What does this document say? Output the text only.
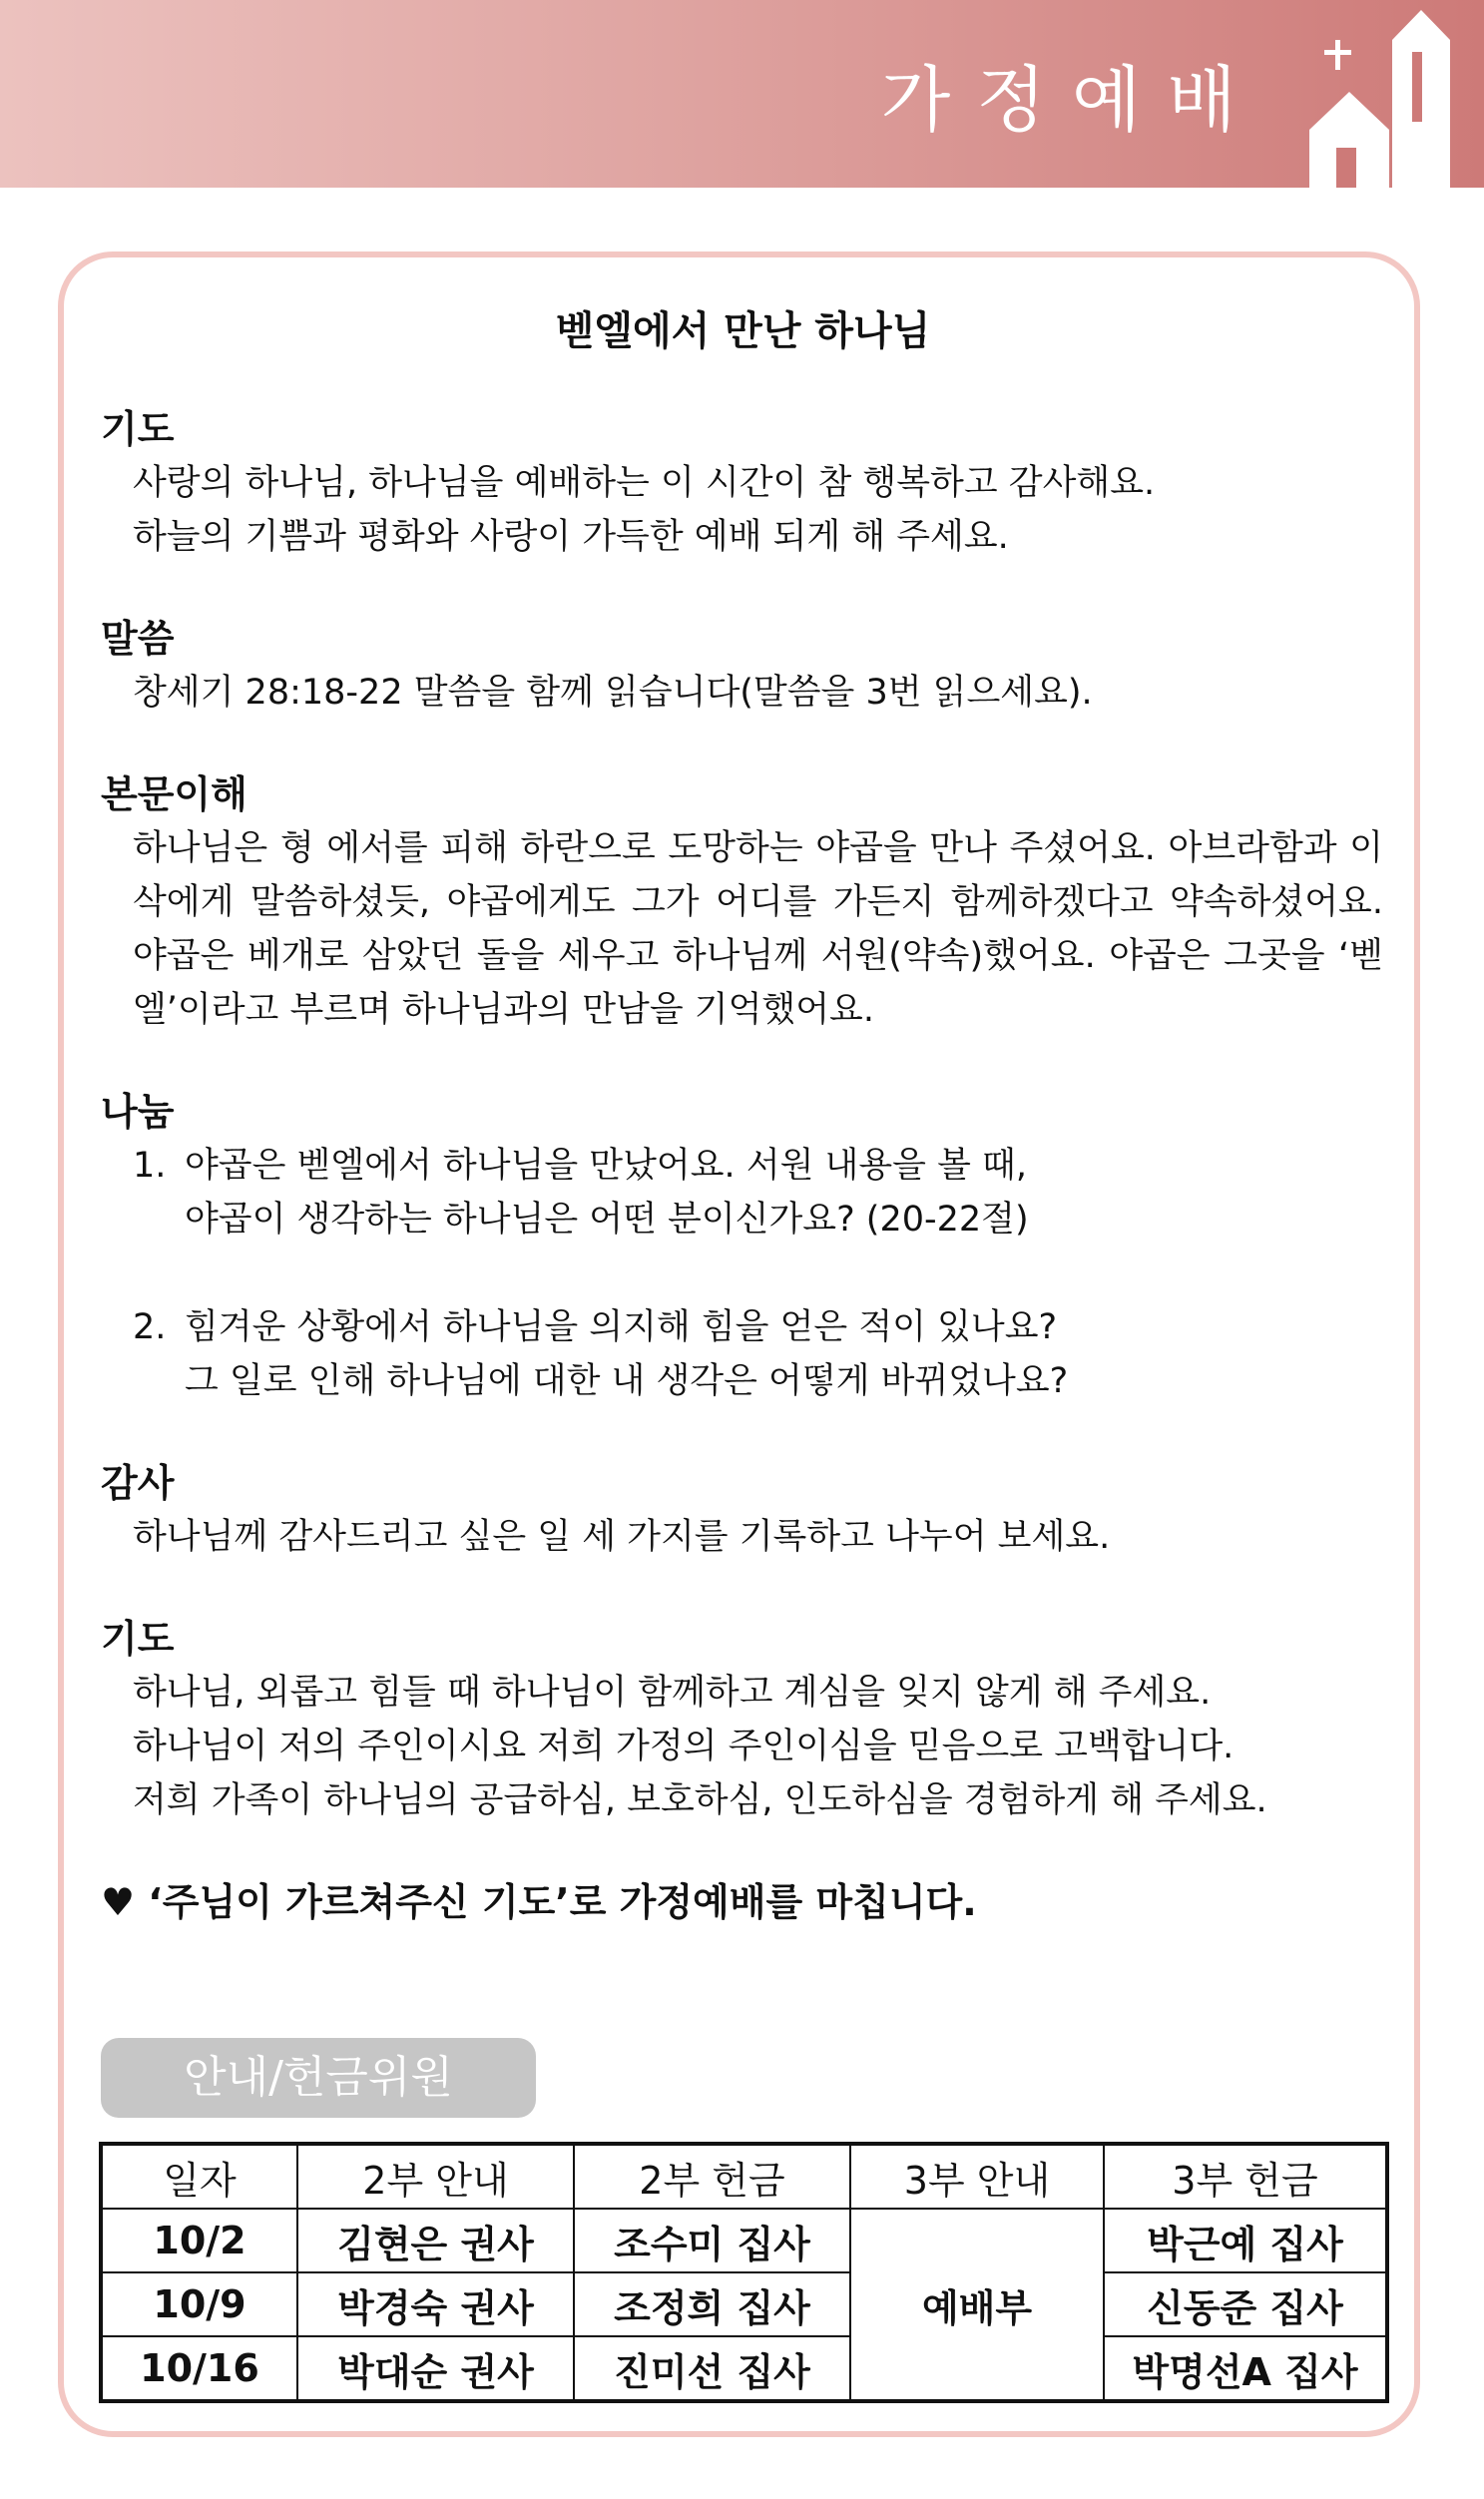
가정예배
벧엘에서 만난 하나님
기도
사랑의 하나님, 하나님을 예배하는 이 시간이 참 행복하고 감사해요.
하늘의 기쁨과 평화와 사랑이 가득한 예배 되게 해 주세요.
말씀
창세기 28:18-22 말씀을 함께 읽습니다(말씀을 3번 읽으세요).
본문이해
하나님은 형 에서를 피해 하란으로 도망하는 야곱을 만나 주셨어요. 아브라함과 이삭에게 말씀하셨듯, 야곱에게도 그가 어디를 가든지 함께하겠다고 약속하셨어요. 야곱은 베개로 삼았던 돌을 세우고 하나님께 서원(약속)했어요. 야곱은 그곳을 ‘벧엘’이라고 부르며 하나님과의 만남을 기억했어요.
나눔
1. 야곱은 벧엘에서 하나님을 만났어요. 서원 내용을 볼 때,
야곱이 생각하는 하나님은 어떤 분이신가요? (20-22절)
2. 힘겨운 상황에서 하나님을 의지해 힘을 얻은 적이 있나요?
그 일로 인해 하나님에 대한 내 생각은 어떻게 바뀌었나요?
감사
하나님께 감사드리고 싶은 일 세 가지를 기록하고 나누어 보세요.
기도
하나님, 외롭고 힘들 때 하나님이 함께하고 계심을 잊지 않게 해 주세요.
하나님이 저의 주인이시요 저희 가정의 주인이심을 믿음으로 고백합니다.
저희 가족이 하나님의 공급하심, 보호하심, 인도하심을 경험하게 해 주세요.
♥ ‘주님이 가르쳐주신 기도’로 가정예배를 마칩니다.
안내/헌금위원
일자	2부 안내	2부 헌금	3부 안내	3부 헌금
10/2	김현은 권사	조수미 집사	예배부	박근예 집사
10/9	박경숙 권사	조정희 집사		신동준 집사
10/16	박대순 권사	진미선 집사		박명선A 집사
